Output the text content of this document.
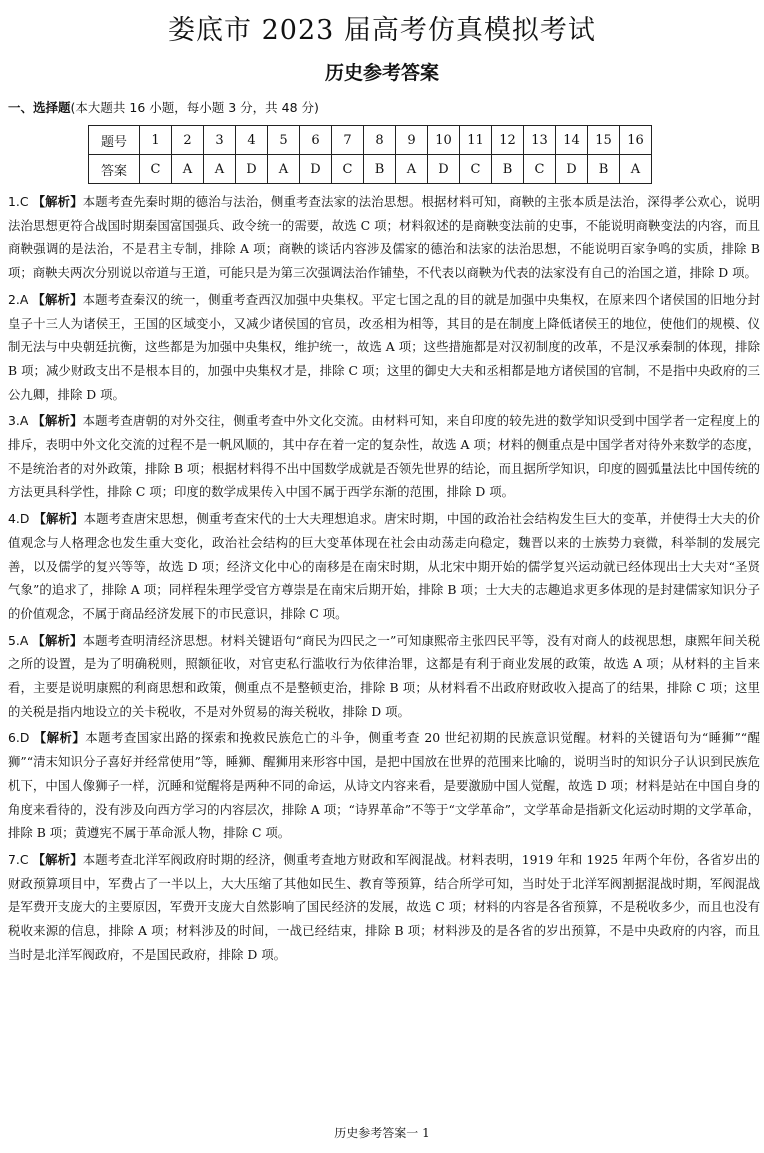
娄底市 2023 届高考仿真模拟考试
历史参考答案
一、选择题(本大题共 16 小题，每小题 3 分，共 48 分)
题号	1	2	3	4	5	6	7	8	9	10	11	12	13	14	15	16
答案	C	A	A	D	A	D	C	B	A	D	C	B	C	D	B	A

1.C 【解析】本题考查先秦时期的德治与法治，侧重考查法家的法治思想。根据材料可知，商鞅的主张本质是法治，深得孝公欢心，说明法治思想更符合战国时期秦国富国强兵、政令统一的需要，故选 C 项；材料叙述的是商鞅变法前的史事，不能说明商鞅变法的内容，而且商鞅强调的是法治，不是君主专制，排除 A 项；商鞅的谈话内容涉及儒家的德治和法家的法治思想，不能说明百家争鸣的实质，排除 B 项；商鞅夫两次分别说以帝道与王道，可能只是为第三次强调法治作铺垫，不代表以商鞅为代表的法家没有自己的治国之道，排除 D 项。

2.A 【解析】本题考查秦汉的统一，侧重考查西汉加强中央集权。平定七国之乱的目的就是加强中央集权，在原来四个诸侯国的旧地分封皇子十三人为诸侯王，王国的区域变小，又减少诸侯国的官员，改丞相为相等，其目的是在制度上降低诸侯王的地位，使他们的规模、仪制无法与中央朝廷抗衡，这些都是为加强中央集权，维护统一，故选 A 项；这些措施都是对汉初制度的改革，不是汉承秦制的体现，排除 B 项；减少财政支出不是根本目的，加强中央集权才是，排除 C 项；这里的御史大夫和丞相都是地方诸侯国的官制，不是指中央政府的三公九卿，排除 D 项。

3.A 【解析】本题考查唐朝的对外交往，侧重考查中外文化交流。由材料可知，来自印度的较先进的数学知识受到中国学者一定程度上的排斥，表明中外文化交流的过程不是一帆风顺的，其中存在着一定的复杂性，故选 A 项；材料的侧重点是中国学者对待外来数学的态度，不是统治者的对外政策，排除 B 项；根据材料得不出中国数学成就是否领先世界的结论，而且据所学知识，印度的圆弧量法比中国传统的方法更具科学性，排除 C 项；印度的数学成果传入中国不属于西学东渐的范围，排除 D 项。

4.D 【解析】本题考查唐宋思想，侧重考查宋代的士大夫理想追求。唐宋时期，中国的政治社会结构发生巨大的变革，并使得士大夫的价值观念与人格理念也发生重大变化，政治社会结构的巨大变革体现在社会由动荡走向稳定，魏晋以来的士族势力衰微，科举制的发展完善，以及儒学的复兴等等，故选 D 项；经济文化中心的南移是在南宋时期，从北宋中期开始的儒学复兴运动就已经体现出士大夫对“圣贤气象”的追求了，排除 A 项；同样程朱理学受官方尊崇是在南宋后期开始，排除 B 项；士大夫的志趣追求更多体现的是封建儒家知识分子的价值观念，不属于商品经济发展下的市民意识，排除 C 项。

5.A 【解析】本题考查明清经济思想。材料关键语句“商民为四民之一”可知康熙帝主张四民平等，没有对商人的歧视思想，康熙年间关税之所的设置，是为了明确税则，照额征收，对官吏私行滥收行为依律治罪，这都是有利于商业发展的政策，故选 A 项；从材料的主旨来看，主要是说明康熙的利商思想和政策，侧重点不是整顿吏治，排除 B 项；从材料看不出政府财政收入提高了的结果，排除 C 项；这里的关税是指内地设立的关卡税收，不是对外贸易的海关税收，排除 D 项。

6.D 【解析】本题考查国家出路的探索和挽救民族危亡的斗争，侧重考查 20 世纪初期的民族意识觉醒。材料的关键语句为“睡狮”“醒狮”“清末知识分子喜好并经常使用”等，睡狮、醒狮用来形容中国，是把中国放在世界的范围来比喻的，说明当时的知识分子认识到民族危机下，中国人像狮子一样，沉睡和觉醒将是两种不同的命运，从诗文内容来看，是要激励中国人觉醒，故选 D 项；材料是站在中国自身的角度来看待的，没有涉及向西方学习的内容层次，排除 A 项；“诗界革命”不等于“文学革命”，文学革命是指新文化运动时期的文学革命，排除 B 项；黄遵宪不属于革命派人物，排除 C 项。

7.C 【解析】本题考查北洋军阀政府时期的经济，侧重考查地方财政和军阀混战。材料表明，1919 年和 1925 年两个年份，各省岁出的财政预算项目中，军费占了一半以上，大大压缩了其他如民生、教育等预算，结合所学可知，当时处于北洋军阀割据混战时期，军阀混战是军费开支庞大的主要原因，军费开支庞大自然影响了国民经济的发展，故选 C 项；材料的内容是各省预算，不是税收多少，而且也没有税收来源的信息，排除 A 项；材料涉及的时间，一战已经结束，排除 B 项；材料涉及的是各省的岁出预算，不是中央政府的内容，而且当时是北洋军阀政府，不是国民政府，排除 D 项。

历史参考答案一 1
